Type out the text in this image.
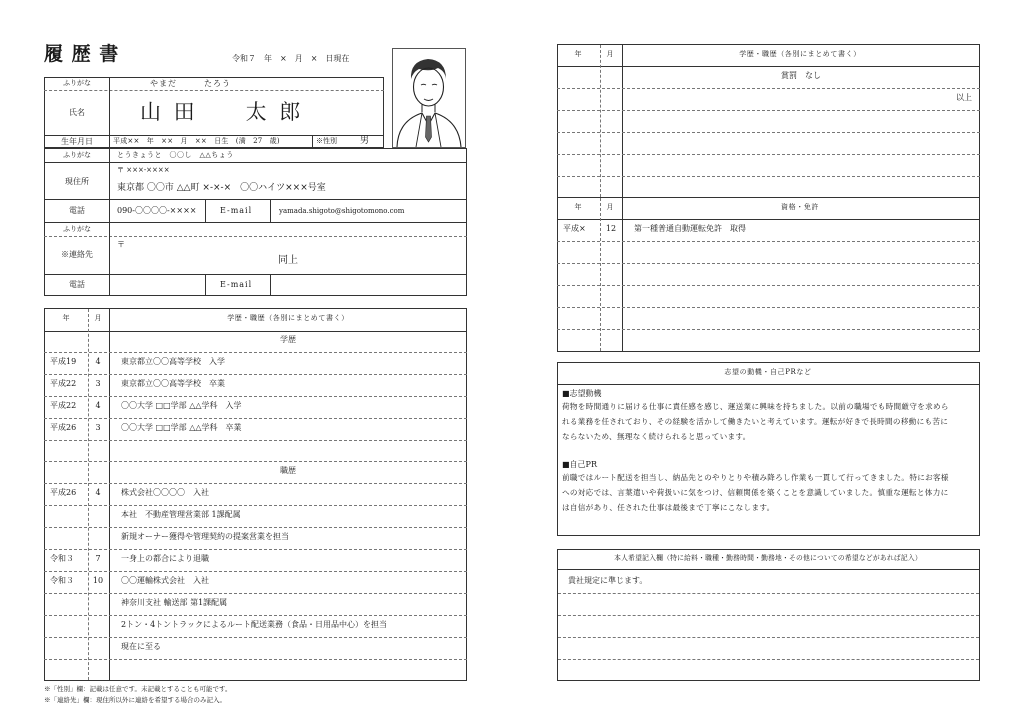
履 歴 書	令和７　年　×　月　×　日現在
ふりがな	やまだ　　　たろう
氏名	山 田　　太 郎
生年月日	平成××　年　××　月　××　日生　(満　27　歳)	※性別	男
ふりがな	とうきょうと　〇〇し　△△ちょう
現住所
〒 ×××-××××
東京都 〇〇市 △△町 ×-×-×　〇〇ハイツ×××号室
電話	090-〇〇〇〇-××××	E-mail	yamada.shigoto@shigotomono.com
ふりがな
※連絡先
〒
同上
電話	E-mail
年	月	学歴・職歴（各別にまとめて書く）
学歴
平成19 4	東京都立〇〇高等学校　入学
平成22 3	東京都立〇〇高等学校　卒業
平成22 4	〇〇大学 □□学部 △△学科　入学
平成26 3	〇〇大学 □□学部 △△学科　卒業
職歴
平成26 4	株式会社〇〇〇〇　入社
本社　不動産管理営業部 1課配属
新規オーナー獲得や管理契約の提案営業を担当
令和３	7	一身上の都合により退職
令和３ 10 〇〇運輸株式会社　入社
神奈川支社 輸送部 第1課配属
2トン・4トントラックによるルート配送業務（食品・日用品中心）を担当
現在に至る
※「性別」欄：記載は任意です。未記載とすることも可能です。
※「連絡先」欄：現住所以外に連絡を希望する場合のみ記入。
年	月	学歴・職歴（各別にまとめて書く）
賞罰　なし
以上
年	月	資格・免許
平成×	12 第一種普通自動運転免許　取得
志望の動機・自己PRなど
■志望動機
荷物を時間通りに届ける仕事に責任感を感じ、運送業に興味を持ちました。以前の職場でも時間厳守を求めら
れる業務を任されており、その経験を活かして働きたいと考えています。運転が好きで長時間の移動にも苦に
ならないため、無理なく続けられると思っています。
■自己PR
前職ではルート配送を担当し、納品先とのやりとりや積み降ろし作業も一貫して行ってきました。特にお客様
への対応では、言葉遣いや荷扱いに気をつけ、信頼関係を築くことを意識していました。慎重な運転と体力に
は自信があり、任された仕事は最後まで丁寧にこなします。
本人希望記入欄（特に給料・職種・勤務時間・勤務地・その他についての希望などがあれば記入）
貴社規定に準じます。
